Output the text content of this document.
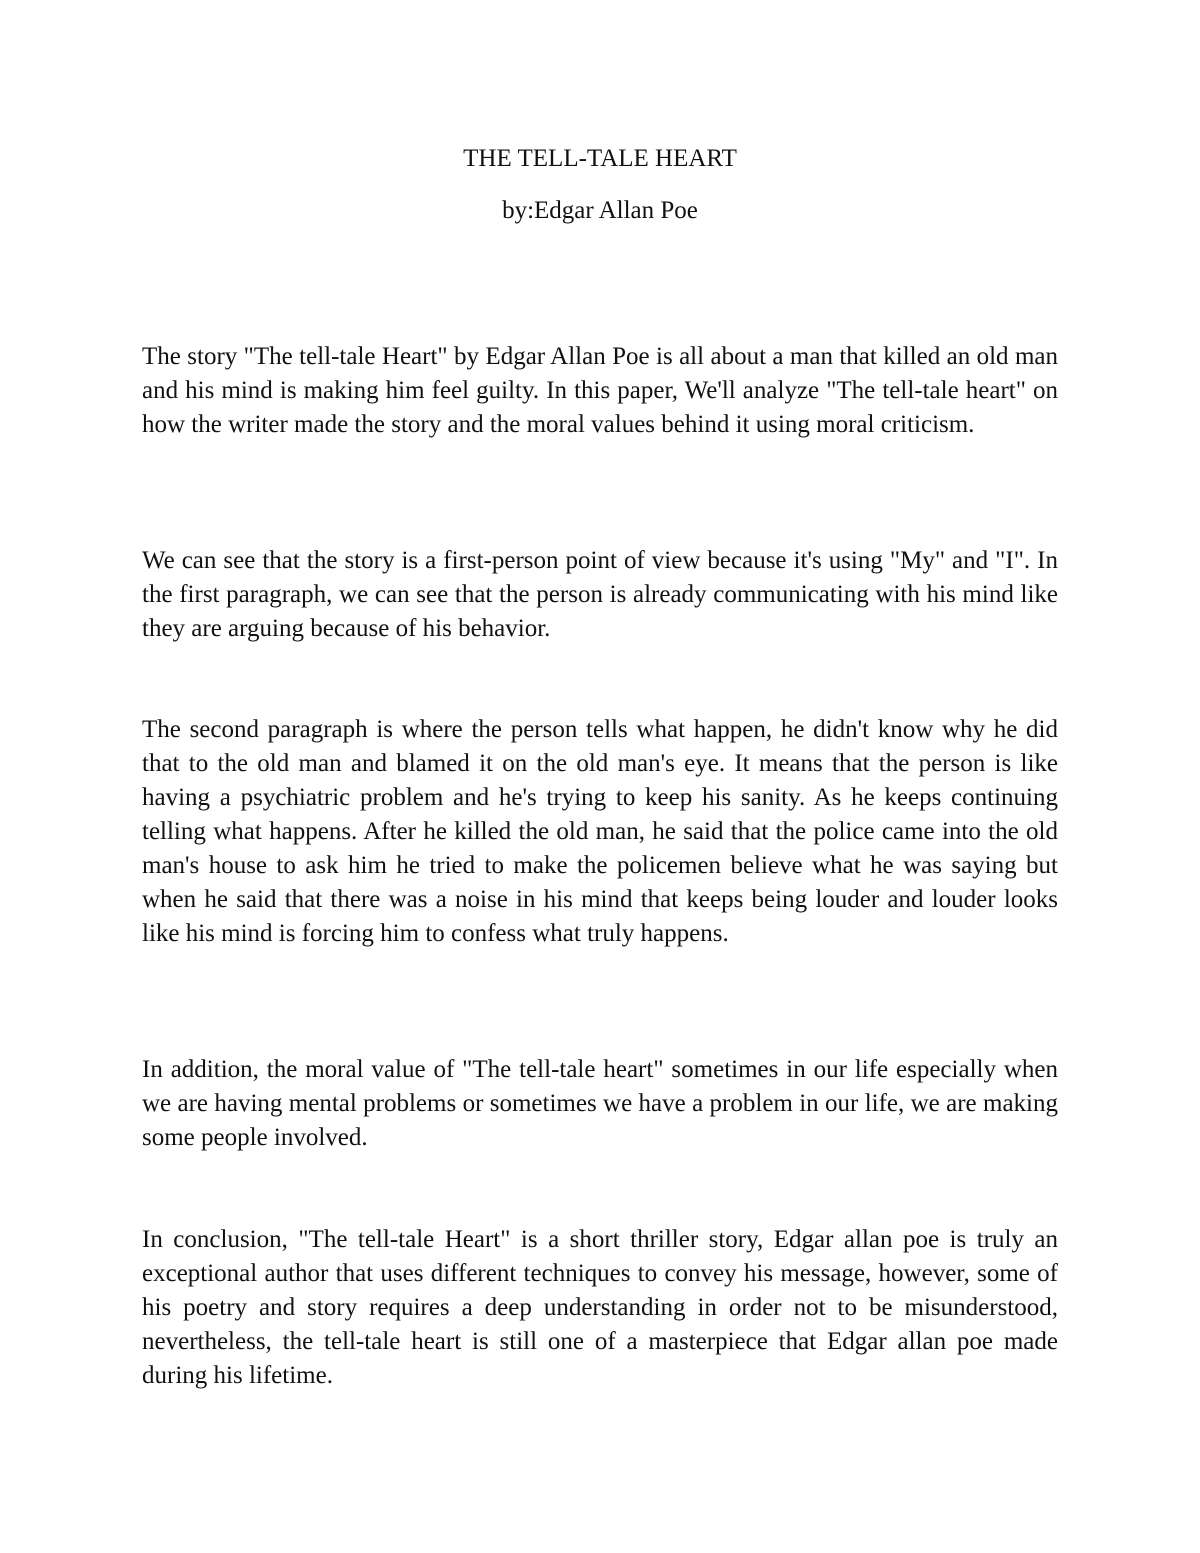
THE TELL-TALE HEART

by:Edgar Allan Poe

The story "The tell-tale Heart" by Edgar Allan Poe is all about a man that killed an old man and his mind is making him feel guilty. In this paper, We'll analyze "The tell-tale heart" on how the writer made the story and the moral values behind it using moral criticism.

We can see that the story is a first-person point of view because it's using "My" and "I". In the first paragraph, we can see that the person is already communicating with his mind like they are arguing because of his behavior.

The second paragraph is where the person tells what happen, he didn't know why he did that to the old man and blamed it on the old man's eye. It means that the person is like having a psychiatric problem and he's trying to keep his sanity. As he keeps continuing telling what happens. After he killed the old man, he said that the police came into the old man's house to ask him he tried to make the policemen believe what he was saying but when he said that there was a noise in his mind that keeps being louder and louder looks like his mind is forcing him to confess what truly happens.

In addition, the moral value of "The tell-tale heart" sometimes in our life especially when we are having mental problems or sometimes we have a problem in our life, we are making some people involved.

In conclusion, "The tell-tale Heart" is a short thriller story, Edgar allan poe is truly an exceptional author that uses different techniques to convey his message, however, some of his poetry and story requires a deep understanding in order not to be misunderstood, nevertheless, the tell-tale heart is still one of a masterpiece that Edgar allan poe made during his lifetime.
